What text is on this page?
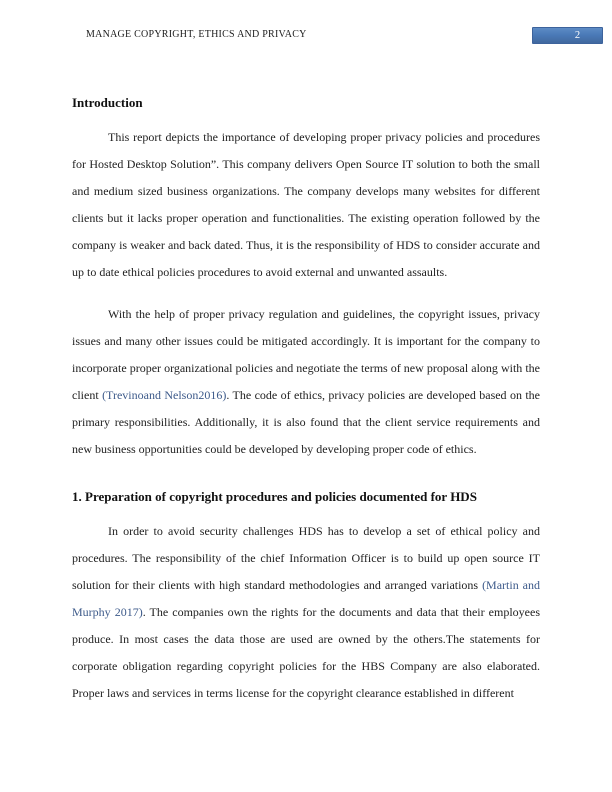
MANAGE COPYRIGHT, ETHICS AND PRIVACY	2
Introduction

This report depicts the importance of developing proper privacy policies and procedures for Hosted Desktop Solution”. This company delivers Open Source IT solution to both the small and medium sized business organizations. The company develops many websites for different clients but it lacks proper operation and functionalities. The existing operation followed by the company is weaker and back dated. Thus, it is the responsibility of HDS to consider accurate and up to date ethical policies procedures to avoid external and unwanted assaults.

With the help of proper privacy regulation and guidelines, the copyright issues, privacy issues and many other issues could be mitigated accordingly. It is important for the company to incorporate proper organizational policies and negotiate the terms of new proposal along with the client (Trevinoand Nelson2016). The code of ethics, privacy policies are developed based on the primary responsibilities. Additionally, it is also found that the client service requirements and new business opportunities could be developed by developing proper code of ethics.

1. Preparation of copyright procedures and policies documented for HDS

In order to avoid security challenges HDS has to develop a set of ethical policy and procedures. The responsibility of the chief Information Officer is to build up open source IT solution for their clients with high standard methodologies and arranged variations (Martin and Murphy 2017). The companies own the rights for the documents and data that their employees produce. In most cases the data those are used are owned by the others.The statements for corporate obligation regarding copyright policies for the HBS Company are also elaborated. Proper laws and services in terms license for the copyright clearance established in different
